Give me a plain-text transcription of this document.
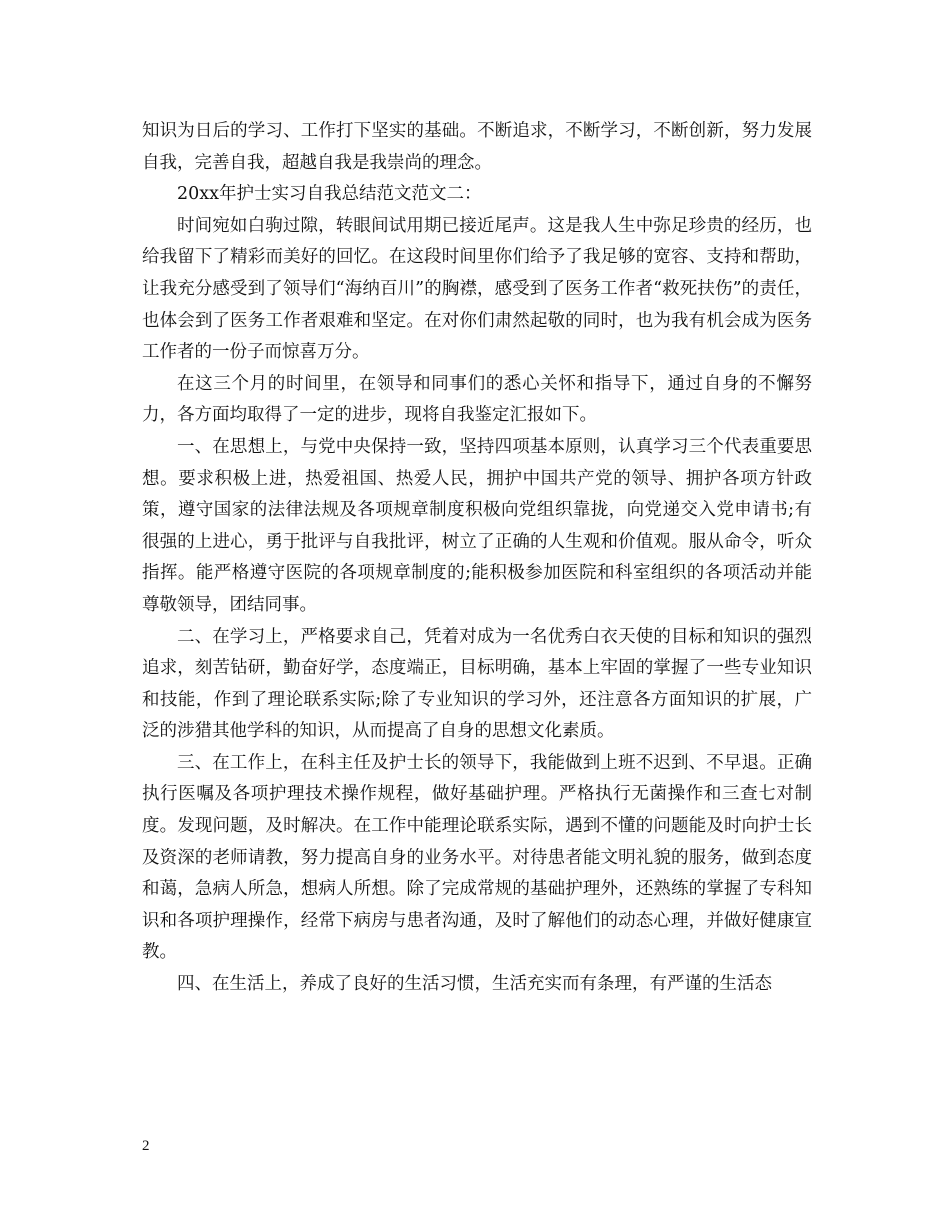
知识为日后的学习、工作打下坚实的基础。不断追求，不断学习，不断创新，努力发展自我，完善自我，超越自我是我崇尚的理念。

20xx年护士实习自我总结范文范文二：

时间宛如白驹过隙，转眼间试用期已接近尾声。这是我人生中弥足珍贵的经历，也给我留下了精彩而美好的回忆。在这段时间里你们给予了我足够的宽容、支持和帮助，让我充分感受到了领导们“海纳百川”的胸襟，感受到了医务工作者“救死扶伤”的责任，也体会到了医务工作者艰难和坚定。在对你们肃然起敬的同时，也为我有机会成为医务工作者的一份子而惊喜万分。

在这三个月的时间里，在领导和同事们的悉心关怀和指导下，通过自身的不懈努力，各方面均取得了一定的进步，现将自我鉴定汇报如下。

一、在思想上，与党中央保持一致，坚持四项基本原则，认真学习三个代表重要思想。要求积极上进，热爱祖国、热爱人民，拥护中国共产党的领导、拥护各项方针政策，遵守国家的法律法规及各项规章制度积极向党组织靠拢，向党递交入党申请书;有很强的上进心，勇于批评与自我批评，树立了正确的人生观和价值观。服从命令，听众指挥。能严格遵守医院的各项规章制度的;能积极参加医院和科室组织的各项活动并能尊敬领导，团结同事。

二、在学习上，严格要求自己，凭着对成为一名优秀白衣天使的目标和知识的强烈追求，刻苦钻研，勤奋好学，态度端正，目标明确，基本上牢固的掌握了一些专业知识和技能，作到了理论联系实际;除了专业知识的学习外，还注意各方面知识的扩展，广泛的涉猎其他学科的知识，从而提高了自身的思想文化素质。

三、在工作上，在科主任及护士长的领导下，我能做到上班不迟到、不早退。正确执行医嘱及各项护理技术操作规程，做好基础护理。严格执行无菌操作和三查七对制度。发现问题，及时解决。在工作中能理论联系实际，遇到不懂的问题能及时向护士长及资深的老师请教，努力提高自身的业务水平。对待患者能文明礼貌的服务，做到态度和蔼，急病人所急，想病人所想。除了完成常规的基础护理外，还熟练的掌握了专科知识和各项护理操作，经常下病房与患者沟通，及时了解他们的动态心理，并做好健康宣教。

四、在生活上，养成了良好的生活习惯，生活充实而有条理，有严谨的生活态

2
